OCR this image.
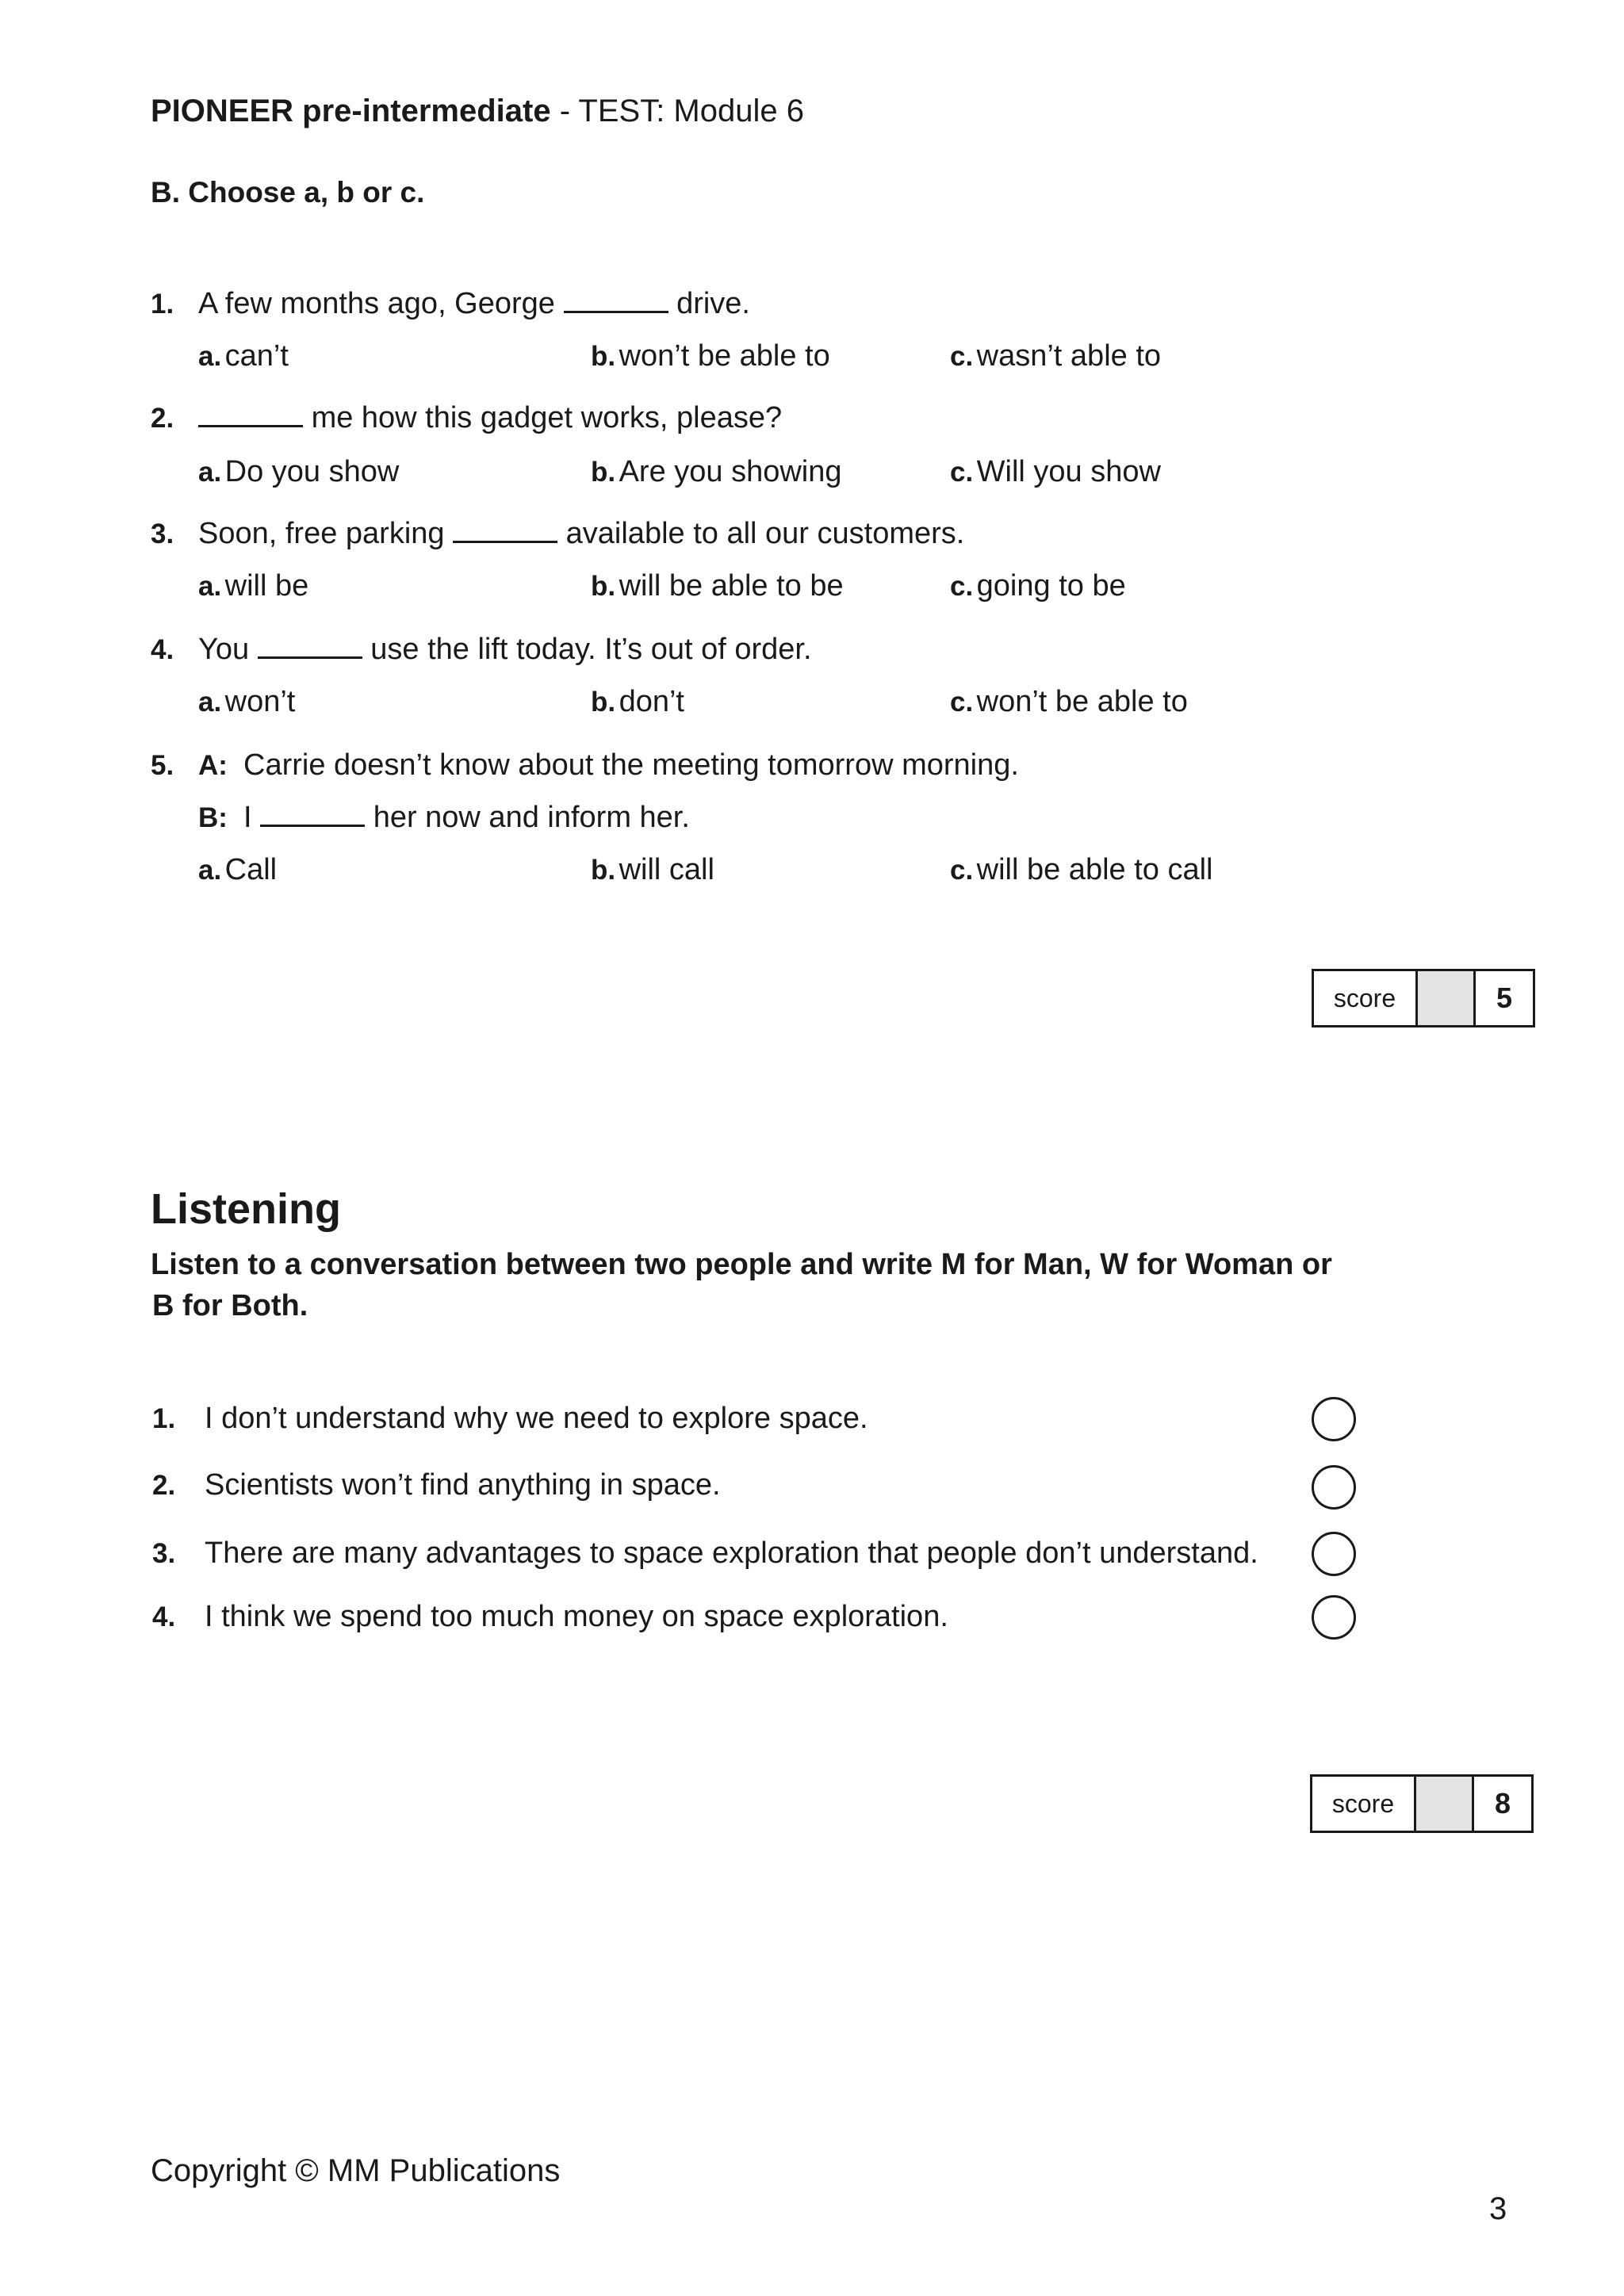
PIONEER pre-intermediate - TEST: Module 6
B. Choose a, b or c.
1. A few months ago, George	drive.
a. can’t	b. won’t be able to	c. wasn’t able to
2.	me how this gadget works, please?
a. Do you show	b. Are you showing	c. Will you show
3. Soon, free parking	available to all our customers.
a. will be	b. will be able to be	c. going to be
4. You	use the lift today. It’s out of order.
a. won’t	b. don’t	c. won’t be able to
5. A: Carrie doesn’t know about the meeting tomorrow morning.
B: I	her now and inform her.
a. Call	b. will call	c. will be able to call
score	5
Listening
Listen to a conversation between two people and write M for Man, W for Woman or
B for Both.
1. I don’t understand why we need to explore space.
2. Scientists won’t find anything in space.
3. There are many advantages to space exploration that people don’t understand.
4. I think we spend too much money on space exploration.
score	8
Copyright © MM Publications
3
